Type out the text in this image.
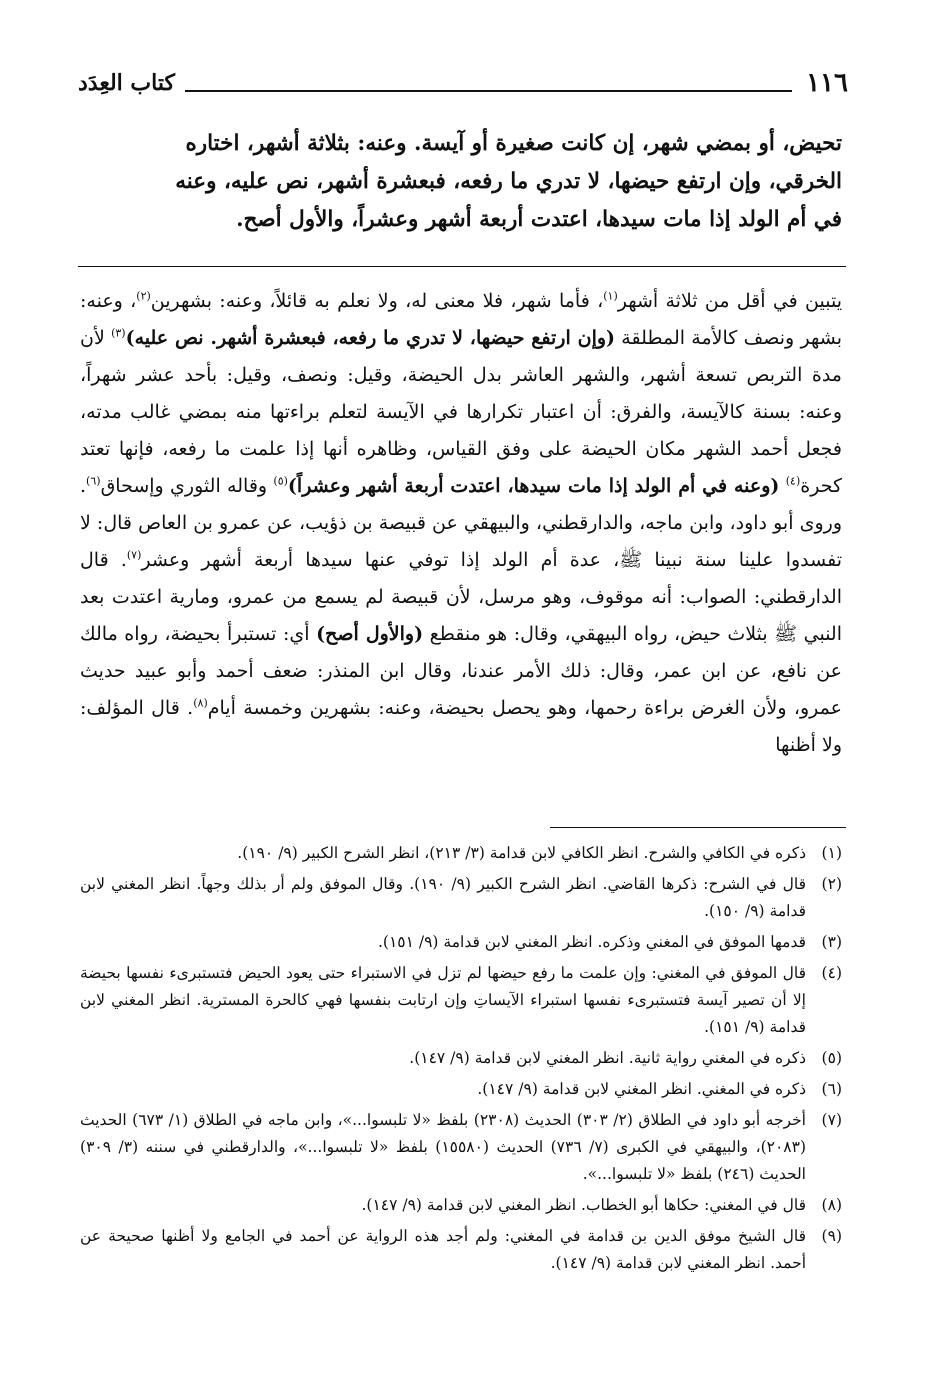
١١٦
كتاب العِدَد

تحيض، أو بمضي شهر، إن كانت صغيرة أو آيسة. وعنه: بثلاثة أشهر، اختاره

الخرقي، وإن ارتفع حيضها، لا تدري ما رفعه، فبعشرة أشهر، نص عليه، وعنه

في أم الولد إذا مات سيدها، اعتدت أربعة أشهر وعشراً، والأول أصح.

يتبين في أقل من ثلاثة أشهر$^{(١)}$، فأما شهر، فلا معنى له، ولا نعلم به قائلاً، وعنه: بشهرين$^{(٢)}$، وعنه: بشهر ونصف كالأمة المطلقة (وإن ارتفع حيضها، لا تدري ما رفعه، فبعشرة أشهر. نص عليه)$^{(٣)}$ لأن مدة التربص تسعة أشهر، والشهر العاشر بدل الحيضة، وقيل: ونصف، وقيل: بأحد عشر شهراً، وعنه: بسنة كالآيسة، والفرق: أن اعتبار تكرارها في الآيسة لتعلم براءتها منه بمضي غالب مدته، فجعل أحمد الشهر مكان الحيضة على وفق القياس، وظاهره أنها إذا علمت ما رفعه، فإنها تعتد كحرة$^{(٤)}$ (وعنه في أم الولد إذا مات سيدها، اعتدت أربعة أشهر وعشراً)$^{(٥)}$ وقاله الثوري وإسحاق$^{(٦)}$. وروى أبو داود، وابن ماجه، والدارقطني، والبيهقي عن قبيصة بن ذؤيب، عن عمرو بن العاص قال: لا تفسدوا علينا سنة نبينا ﷺ، عدة أم الولد إذا توفي عنها سيدها أربعة أشهر وعشر$^{(٧)}$. قال الدارقطني: الصواب: أنه موقوف، وهو مرسل، لأن قبيصة لم يسمع من عمرو، ومارية اعتدت بعد النبي ﷺ بثلاث حيض، رواه البيهقي، وقال: هو منقطع (والأول أصح) أي: تستبرأ بحيضة، رواه مالك عن نافع، عن ابن عمر، وقال: ذلك الأمر عندنا، وقال ابن المنذر: ضعف أحمد وأبو عبيد حديث عمرو، ولأن الغرض براءة رحمها، وهو يحصل بحيضة، وعنه: بشهرين وخمسة أيام$^{(٨)}$. قال المؤلف: ولا أظنها
(١)
ذكره في الكافي والشرح. انظر الكافي لابن قدامة (٣/ ٢١٣)، انظر الشرح الكبير (٩/ ١٩٠).
(٢)
قال في الشرح: ذكرها القاضي. انظر الشرح الكبير (٩/ ١٩٠). وقال الموفق ولم أر بذلك وجهاً. انظر المغني لابن قدامة (٩/ ١٥٠).
(٣)
قدمها الموفق في المغني وذكره. انظر المغني لابن قدامة (٩/ ١٥١).
(٤)
قال الموفق في المغني: وإن علمت ما رفع حيضها لم تزل في الاستبراء حتى يعود الحيض فتستبرىء نفسها بحيضة إلا أن تصير آيسة فتستبرىء نفسها استبراء الآيساتِ وإن ارتابت بنفسها فهي كالحرة المسترية. انظر المغني لابن قدامة (٩/ ١٥١).
(٥)
ذكره في المغني رواية ثانية. انظر المغني لابن قدامة (٩/ ١٤٧).
(٦)
ذكره في المغني. انظر المغني لابن قدامة (٩/ ١٤٧).
(٧)
أخرجه أبو داود في الطلاق (٢/ ٣٠٣) الحديث (٢٣٠٨) بلفظ «لا تلبسوا...»، وابن ماجه في الطلاق (١/ ٦٧٣) الحديث (٢٠٨٣)، والبيهقي في الكبرى (٧/ ٧٣٦) الحديث (١٥٥٨٠) بلفظ «لا تلبسوا...»، والدارقطني في سننه (٣/ ٣٠٩) الحديث (٢٤٦) بلفظ «لا تلبسوا...».
(٨)
قال في المغني: حكاها أبو الخطاب. انظر المغني لابن قدامة (٩/ ١٤٧).
(٩)
قال الشيخ موفق الدين بن قدامة في المغني: ولم أجد هذه الرواية عن أحمد في الجامع ولا أظنها صحيحة عن أحمد. انظر المغني لابن قدامة (٩/ ١٤٧).
